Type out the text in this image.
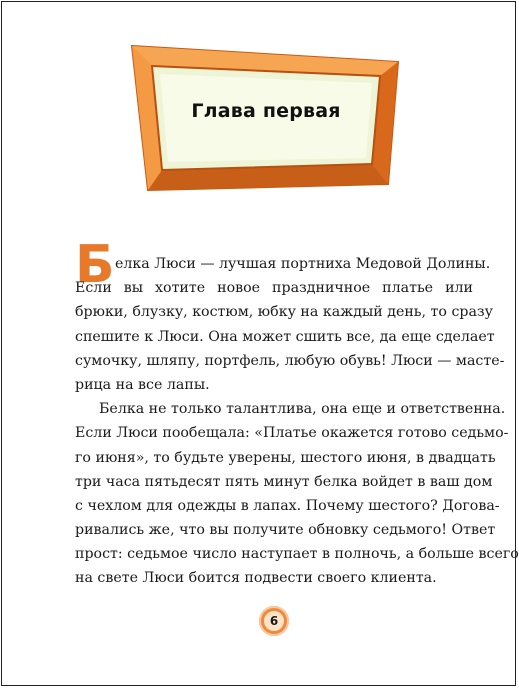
Глава первая
Б елка Люси — лучшая портниха Медовой Долины.
Если вы хотите новое праздничное платье или
брюки, блузку, костюм, юбку на каждый день, то сразу
спешите к Люси. Она может сшить все, да еще сделает
сумочку, шляпу, портфель, любую обувь! Люси — масте-
рица на все лапы.
Белка не только талантлива, она еще и ответственна.
Если Люси пообещала: «Платье окажется готово седьмо-
го июня», то будьте уверены, шестого июня, в двадцать
три часа пятьдесят пять минут белка войдет в ваш дом
с чехлом для одежды в лапах. Почему шестого? Догова-
ривались же, что вы получите обновку седьмого! Ответ
прост: седьмое число наступает в полночь, а больше всего
на свете Люси боится подвести своего клиента.
6
